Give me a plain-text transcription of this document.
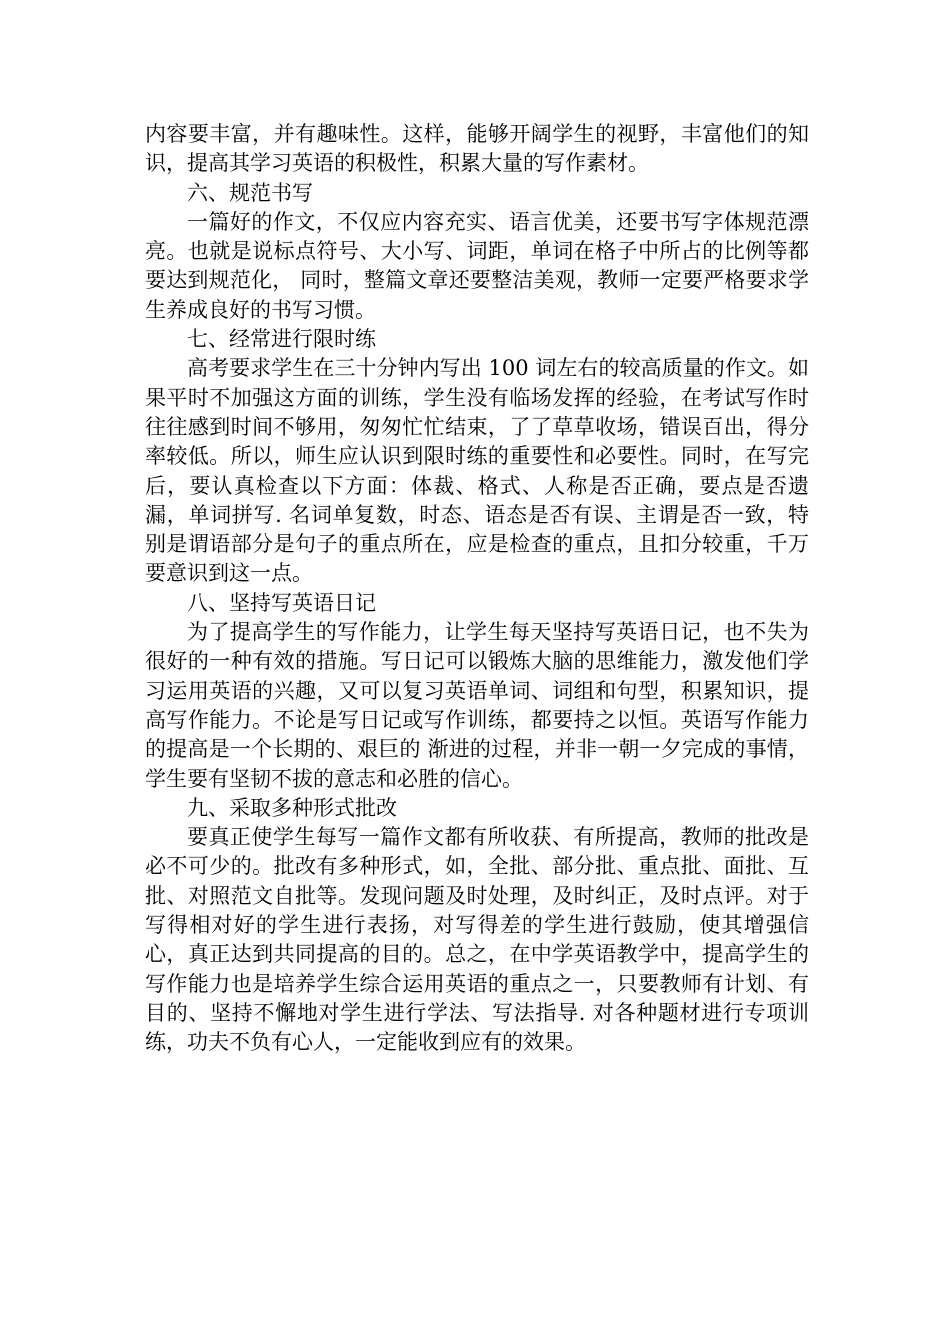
内容要丰富，并有趣味性。这样，能够开阔学生的视野，丰富他们的知识，提高其学习英语的积极性，积累大量的写作素材。

六、规范书写

一篇好的作文，不仅应内容充实、语言优美，还要书写字体规范漂亮。也就是说标点符号、大小写、词距，单词在格子中所占的比例等都要达到规范化， 同时，整篇文章还要整洁美观，教师一定要严格要求学生养成良好的书写习惯。

七、经常进行限时练

高考要求学生在三十分钟内写出 100 词左右的较高质量的作文。如果平时不加强这方面的训练，学生没有临场发挥的经验，在考试写作时往往感到时间不够用，匆匆忙忙结束，了了草草收场，错误百出，得分率较低。所以，师生应认识到限时练的重要性和必要性。同时，在写完后，要认真检查以下方面：体裁、格式、人称是否正确，要点是否遗漏，单词拼写. 名词单复数，时态、语态是否有误、主谓是否一致，特别是谓语部分是句子的重点所在，应是检查的重点，且扣分较重，千万要意识到这一点。

八、坚持写英语日记

为了提高学生的写作能力，让学生每天坚持写英语日记，也不失为很好的一种有效的措施。写日记可以锻炼大脑的思维能力，激发他们学习运用英语的兴趣，又可以复习英语单词、词组和句型，积累知识，提高写作能力。不论是写日记或写作训练，都要持之以恒。英语写作能力的提高是一个长期的、艰巨的 渐进的过程，并非一朝一夕完成的事情，学生要有坚韧不拔的意志和必胜的信心。

九、采取多种形式批改

要真正使学生每写一篇作文都有所收获、有所提高，教师的批改是必不可少的。批改有多种形式，如，全批、部分批、重点批、面批、互批、对照范文自批等。发现问题及时处理，及时纠正，及时点评。对于写得相对好的学生进行表扬，对写得差的学生进行鼓励，使其增强信心，真正达到共同提高的目的。总之，在中学英语教学中，提高学生的写作能力也是培养学生综合运用英语的重点之一，只要教师有计划、有目的、坚持不懈地对学生进行学法、写法指导. 对各种题材进行专项训练，功夫不负有心人，一定能收到应有的效果。
